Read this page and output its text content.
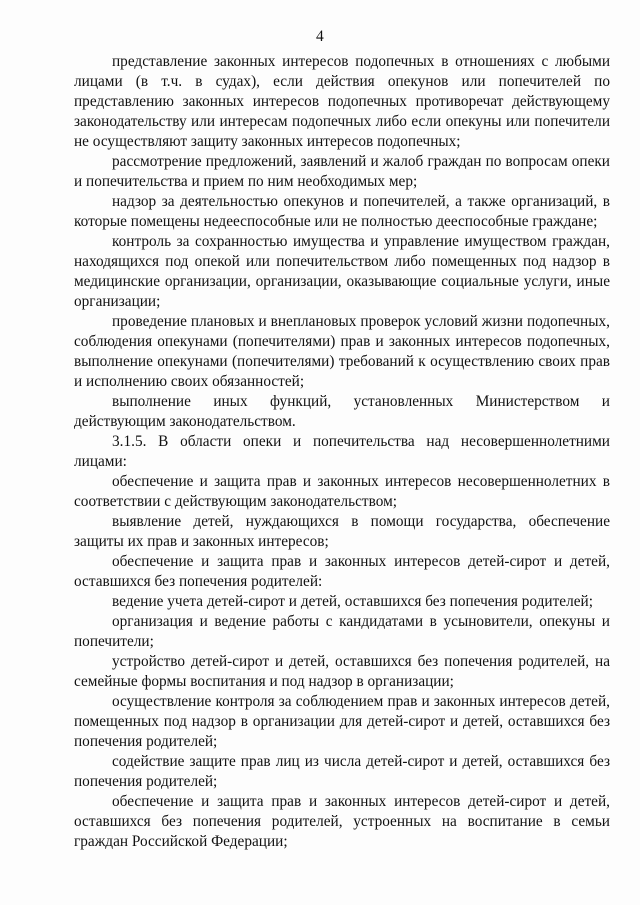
4

представление законных интересов подопечных в отношениях с любыми лицами (в т.ч. в судах), если действия опекунов или попечителей по представлению законных интересов подопечных противоречат действующему законодательству или интересам подопечных либо если опекуны или попечители не осуществляют защиту законных интересов подопечных;

рассмотрение предложений, заявлений и жалоб граждан по вопросам опеки и попечительства и прием по ним необходимых мер;

надзор за деятельностью опекунов и попечителей, а также организаций, в которые помещены недееспособные или не полностью дееспособные граждане;

контроль за сохранностью имущества и управление имуществом граждан, находящихся под опекой или попечительством либо помещенных под надзор в медицинские организации, организации, оказывающие социальные услуги, иные организации;

проведение плановых и внеплановых проверок условий жизни подопечных, соблюдения опекунами (попечителями) прав и законных интересов подопечных, выполнение опекунами (попечителями) требований к осуществлению своих прав и исполнению своих обязанностей;

выполнение иных функций, установленных Министерством и действующим законодательством.

3.1.5. В области опеки и попечительства над несовершеннолетними лицами:

обеспечение и защита прав и законных интересов несовершеннолетних в соответствии с действующим законодательством;

выявление детей, нуждающихся в помощи государства, обеспечение защиты их прав и законных интересов;

обеспечение и защита прав и законных интересов детей-сирот и детей, оставшихся без попечения родителей:

ведение учета детей-сирот и детей, оставшихся без попечения родителей;

организация и ведение работы с кандидатами в усыновители, опекуны и попечители;

устройство детей-сирот и детей, оставшихся без попечения родителей, на семейные формы воспитания и под надзор в организации;

осуществление контроля за соблюдением прав и законных интересов детей, помещенных под надзор в организации для детей-сирот и детей, оставшихся без попечения родителей;

содействие защите прав лиц из числа детей-сирот и детей, оставшихся без попечения родителей;

обеспечение и защита прав и законных интересов детей-сирот и детей, оставшихся без попечения родителей, устроенных на воспитание в семьи граждан Российской Федерации;
